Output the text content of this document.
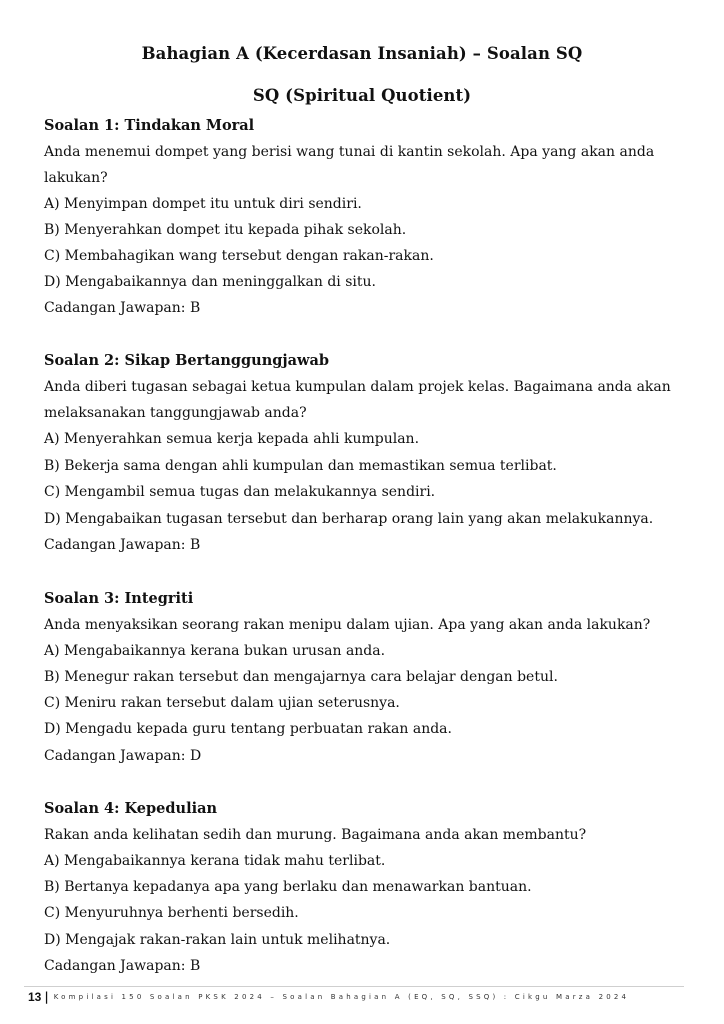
Bahagian A (Kecerdasan Insaniah) – Soalan SQ
SQ (Spiritual Quotient)
Soalan 1: Tindakan Moral
Anda menemui dompet yang berisi wang tunai di kantin sekolah. Apa yang akan anda
lakukan?
A) Menyimpan dompet itu untuk diri sendiri.
B) Menyerahkan dompet itu kepada pihak sekolah.
C) Membahagikan wang tersebut dengan rakan-rakan.
D) Mengabaikannya dan meninggalkan di situ.
Cadangan Jawapan: B
Soalan 2: Sikap Bertanggungjawab
Anda diberi tugasan sebagai ketua kumpulan dalam projek kelas. Bagaimana anda akan
melaksanakan tanggungjawab anda?
A) Menyerahkan semua kerja kepada ahli kumpulan.
B) Bekerja sama dengan ahli kumpulan dan memastikan semua terlibat.
C) Mengambil semua tugas dan melakukannya sendiri.
D) Mengabaikan tugasan tersebut dan berharap orang lain yang akan melakukannya.
Cadangan Jawapan: B
Soalan 3: Integriti
Anda menyaksikan seorang rakan menipu dalam ujian. Apa yang akan anda lakukan?
A) Mengabaikannya kerana bukan urusan anda.
B) Menegur rakan tersebut dan mengajarnya cara belajar dengan betul.
C) Meniru rakan tersebut dalam ujian seterusnya.
D) Mengadu kepada guru tentang perbuatan rakan anda.
Cadangan Jawapan: D
Soalan 4: Kepedulian
Rakan anda kelihatan sedih dan murung. Bagaimana anda akan membantu?
A) Mengabaikannya kerana tidak mahu terlibat.
B) Bertanya kepadanya apa yang berlaku dan menawarkan bantuan.
C) Menyuruhnya berhenti bersedih.
D) Mengajak rakan-rakan lain untuk melihatnya.
Cadangan Jawapan: B
13 | Kompilasi 150 Soalan PKSK 2024 – Soalan Bahagian A (EQ, SQ, SSQ) : Cikgu Marza 2024
